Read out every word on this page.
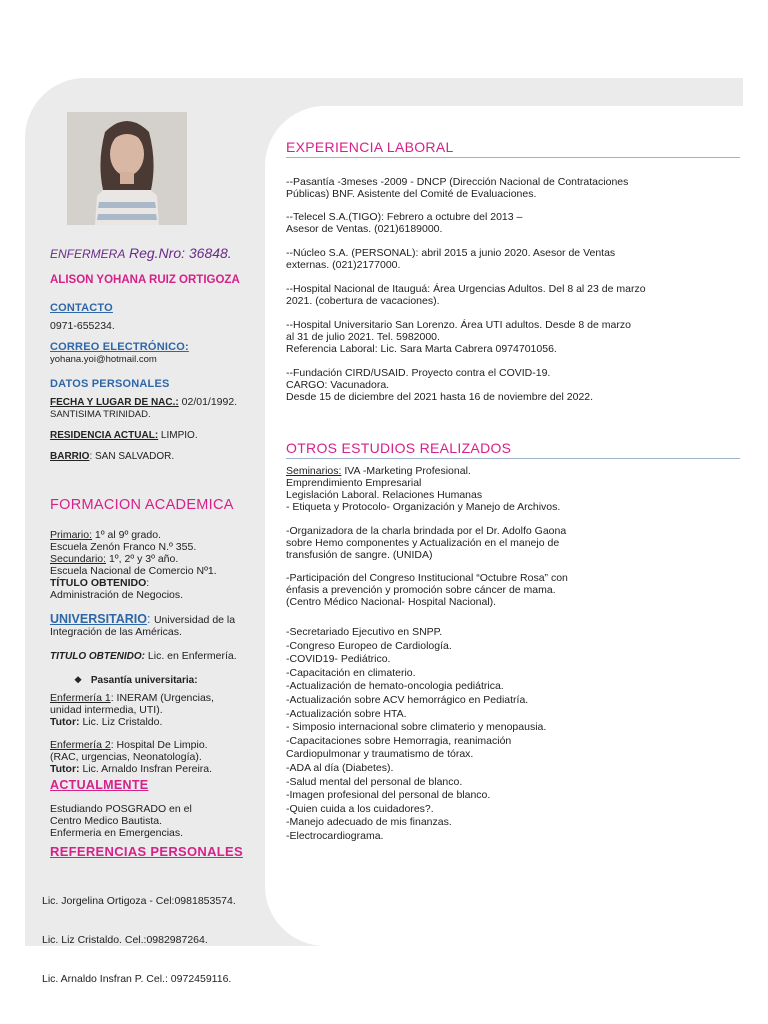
ENFERMERA Reg.Nro: 36848.
ALISON YOHANA RUIZ ORTIGOZA
CONTACTO
0971-655234.
CORREO ELECTRÓNICO:
yohana.yoi@hotmail.com
DATOS PERSONALES
FECHA Y LUGAR DE NAC.: 02/01/1992.
SANTISIMA TRINIDAD.
RESIDENCIA ACTUAL: LIMPIO.
BARRIO: SAN SALVADOR.
FORMACION ACADEMICA
Primario: 1º al 9º grado.
Escuela Zenón Franco N.º 355.
Secundario: 1º, 2º y 3º año.
Escuela Nacional de Comercio Nº1.
TÍTULO OBTENIDO:
Administración de Negocios.
UNIVERSITARIO: Universidad de la
Integración de las Américas.
TITULO OBTENIDO: Lic. en Enfermería.
❖ Pasantía universitaria:
Enfermería 1: INERAM (Urgencias,
unidad intermedia, UTI).
Tutor: Lic. Liz Cristaldo.
Enfermería 2: Hospital De Limpio.
(RAC, urgencias, Neonatología).
Tutor: Lic. Arnaldo Insfran Pereira.
ACTUALMENTE
Estudiando POSGRADO en el
Centro Medico Bautista.
Enfermeria en Emergencias.
REFERENCIAS PERSONALES

Lic. Jorgelina Ortigoza - Cel:0981853574.

Lic. Liz Cristaldo. Cel.:0982987264.

Lic. Arnaldo Insfran P. Cel.: 0972459116.

EXPERIENCIA LABORAL
--Pasantía -3meses -2009 - DNCP (Dirección Nacional de Contrataciones
Públicas) BNF. Asistente del Comité de Evaluaciones.
--Telecel S.A.(TIGO): Febrero a octubre del 2013 –
Asesor de Ventas. (021)6189000.
--Núcleo S.A. (PERSONAL): abril 2015 a junio 2020. Asesor de Ventas
externas. (021)2177000.
--Hospital Nacional de Itauguá: Área Urgencias Adultos. Del 8 al 23 de marzo
2021. (cobertura de vacaciones).
--Hospital Universitario San Lorenzo. Área UTI adultos. Desde 8 de marzo
al 31 de julio 2021. Tel. 5982000.
Referencia Laboral: Lic. Sara Marta Cabrera 0974701056.
--Fundación CIRD/USAID. Proyecto contra el COVID-19.
CARGO: Vacunadora.
Desde 15 de diciembre del 2021 hasta 16 de noviembre del 2022.
OTROS ESTUDIOS REALIZADOS
Seminarios: IVA -Marketing Profesional.
Emprendimiento Empresarial
Legislación Laboral. Relaciones Humanas
- Etiqueta y Protocolo- Organización y Manejo de Archivos.
-Organizadora de la charla brindada por el Dr. Adolfo Gaona
sobre Hemo componentes y Actualización en el manejo de
transfusión de sangre. (UNIDA)
-Participación del Congreso Institucional “Octubre Rosa” con
énfasis a prevención y promoción sobre cáncer de mama.
(Centro Médico Nacional- Hospital Nacional).
-Secretariado Ejecutivo en SNPP.
-Congreso Europeo de Cardiología.
-COVID19- Pediátrico.
-Capacitación en climaterio.
-Actualización de hemato-oncologia pediátrica.
-Actualización sobre ACV hemorrágico en Pediatría.
-Actualización sobre HTA.
- Simposio internacional sobre climaterio y menopausia.
-Capacitaciones sobre Hemorragia, reanimación
Cardiopulmonar y traumatismo de tórax.
-ADA al día (Diabetes).
-Salud mental del personal de blanco.
-Imagen profesional del personal de blanco.
-Quien cuida a los cuidadores?.
-Manejo adecuado de mis finanzas.
-Electrocardiograma.
